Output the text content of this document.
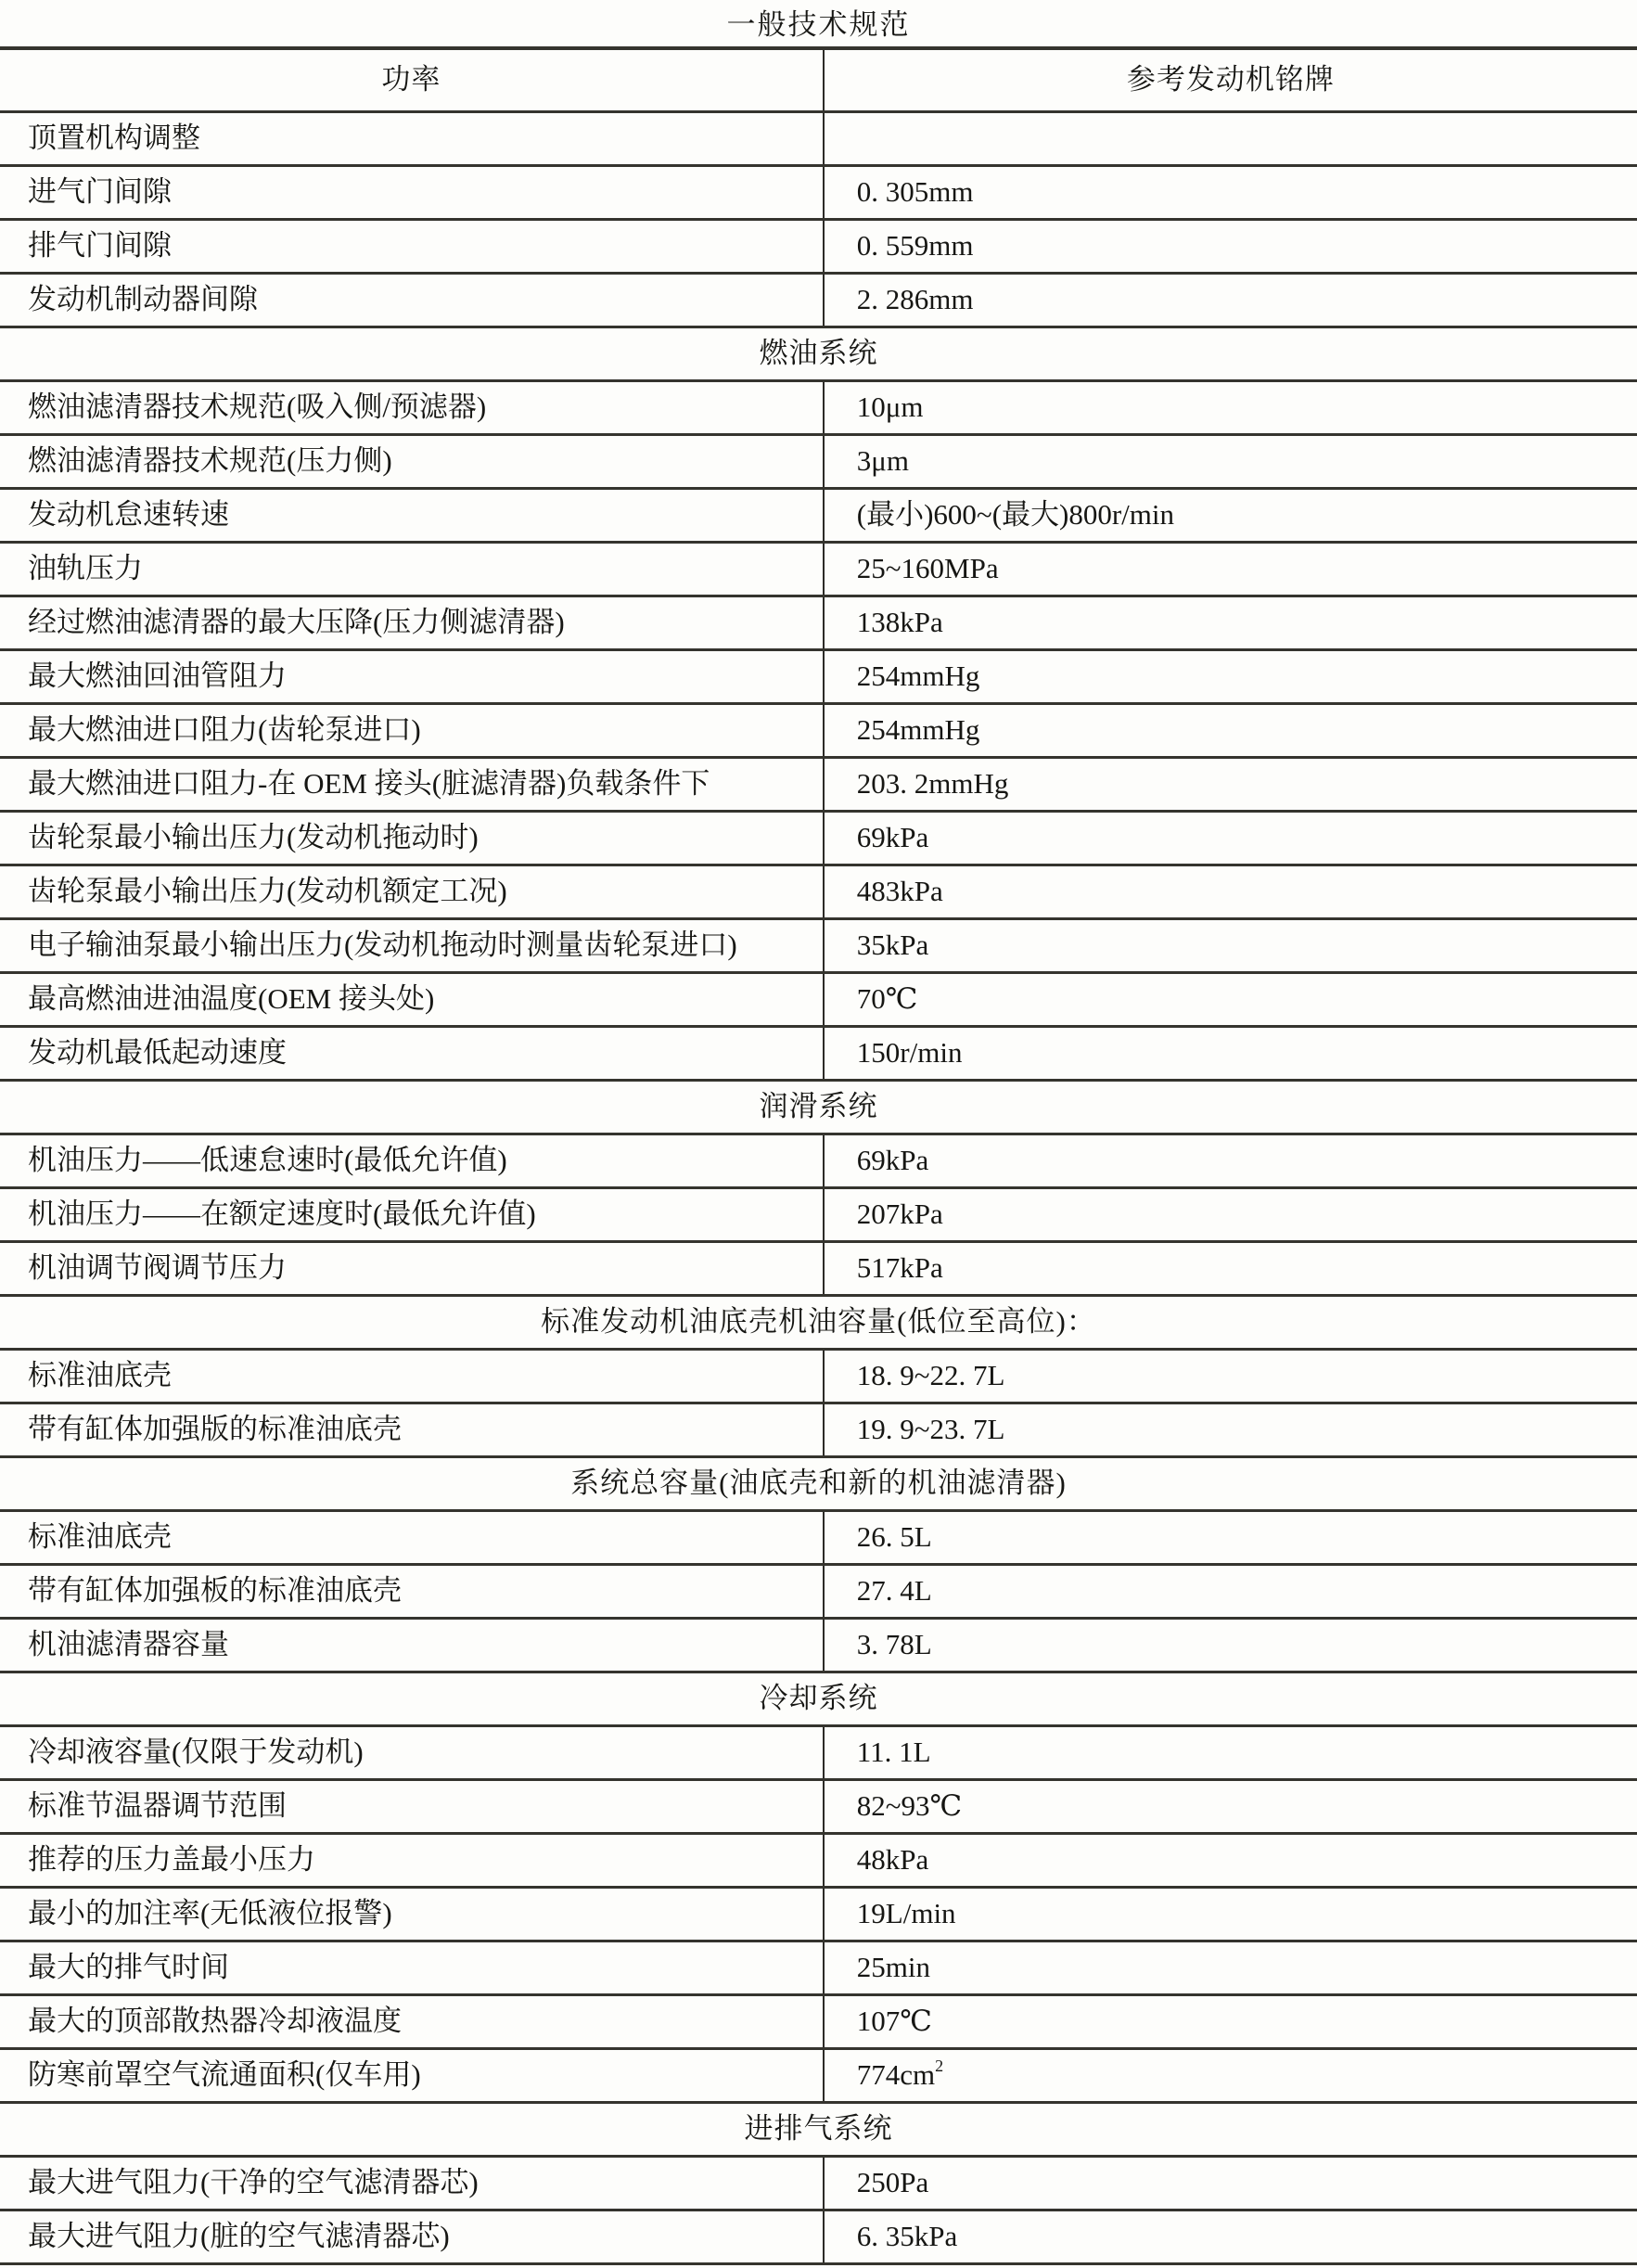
一般技术规范
功率	参考发动机铭牌
顶置机构调整	
进气门间隙	0. 305mm
排气门间隙	0. 559mm
发动机制动器间隙	2. 286mm
燃油系统	
燃油滤清器技术规范(吸入侧/预滤器)	10μm
燃油滤清器技术规范(压力侧)	3μm
发动机怠速转速	(最小)600~(最大)800r/min
油轨压力	25~160MPa
经过燃油滤清器的最大压降(压力侧滤清器)	138kPa
最大燃油回油管阻力	254mmHg
最大燃油进口阻力(齿轮泵进口)	254mmHg
最大燃油进口阻力-在 OEM 接头(脏滤清器)负载条件下	203. 2mmHg
齿轮泵最小输出压力(发动机拖动时)	69kPa
齿轮泵最小输出压力(发动机额定工况)	483kPa
电子输油泵最小输出压力(发动机拖动时测量齿轮泵进口)	35kPa
最高燃油进油温度(OEM 接头处)	70℃
发动机最低起动速度	150r/min
润滑系统	
机油压力——低速怠速时(最低允许值)	69kPa
机油压力——在额定速度时(最低允许值)	207kPa
机油调节阀调节压力	517kPa
标准发动机油底壳机油容量(低位至高位)：	
标准油底壳	18. 9~22. 7L
带有缸体加强版的标准油底壳	19. 9~23. 7L
系统总容量(油底壳和新的机油滤清器)	
标准油底壳	26. 5L
带有缸体加强板的标准油底壳	27. 4L
机油滤清器容量	3. 78L
冷却系统	
冷却液容量(仅限于发动机)	11. 1L
标准节温器调节范围	82~93℃
推荐的压力盖最小压力	48kPa
最小的加注率(无低液位报警)	19L/min
最大的排气时间	25min
最大的顶部散热器冷却液温度	107℃
防寒前罩空气流通面积(仅车用)	$774cm^2$
进排气系统	
最大进气阻力(干净的空气滤清器芯)	250Pa
最大进气阻力(脏的空气滤清器芯)	6. 35kPa
